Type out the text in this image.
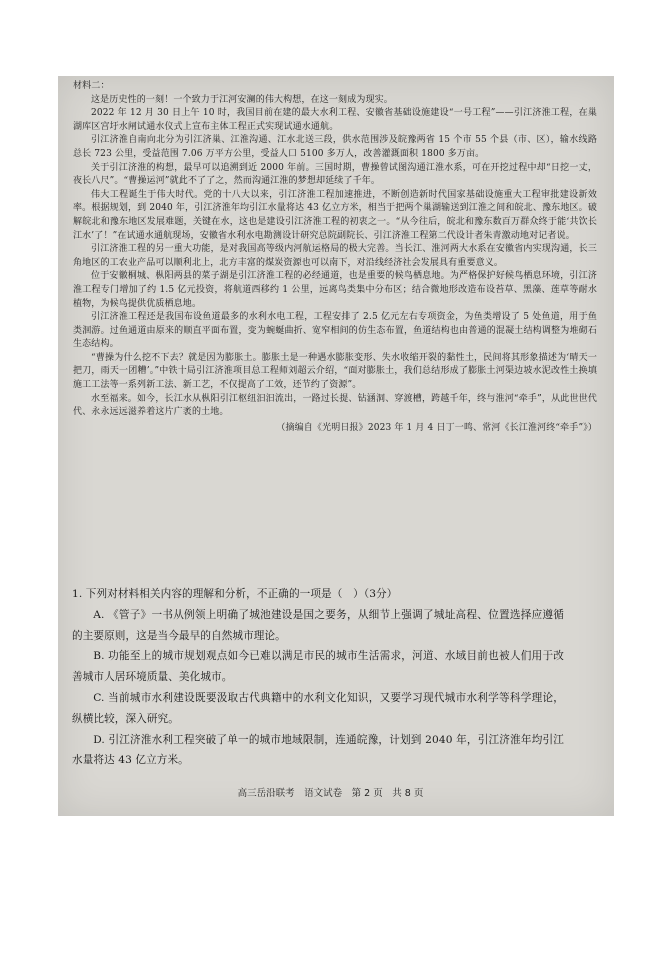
材料二：

这是历史性的一刻！一个致力于江河安澜的伟大构想，在这一刻成为现实。

2022 年 12 月 30 日上午 10 时，我国目前在建的最大水利工程、安徽省基础设施建设“一号工程”——引江济淮工程，在巢湖库区宫圩水闸试通水仪式上宣布主体工程正式实现试通水通航。

引江济淮自南向北分为引江济巢、江淮沟通、江水北送三段，供水范围涉及皖豫两省 15 个市 55 个县（市、区），输水线路总长 723 公里，受益范围 7.06 万平方公里，受益人口 5100 多万人，改善灌溉面积 1800 多万亩。

关于引江济淮的构想，最早可以追溯到近 2000 年前。三国时期，曹操曾试图沟通江淮水系，可在开挖过程中却“日挖一丈，夜长八尺”。“曹操运河”就此不了了之，然而沟通江淮的梦想却延续了千年。

伟大工程诞生于伟大时代。党的十八大以来，引江济淮工程加速推进，不断创造新时代国家基础设施重大工程审批建设新效率。根据规划，到 2040 年，引江济淮年均引江水量将达 43 亿立方米，相当于把两个巢湖输送到江淮之间和皖北、豫东地区。破解皖北和豫东地区发展难题，关键在水，这也是建设引江济淮工程的初衷之一。“从今往后，皖北和豫东数百万群众终于能‘共饮长江水’了！”在试通水通航现场，安徽省水利水电勘测设计研究总院副院长、引江济淮工程第二代设计者朱青激动地对记者说。

引江济淮工程的另一重大功能，是对我国高等级内河航运格局的极大完善。当长江、淮河两大水系在安徽省内实现沟通，长三角地区的工农业产品可以顺利北上，北方丰富的煤炭资源也可以南下，对沿线经济社会发展具有重要意义。

位于安徽桐城、枞阳两县的菜子湖是引江济淮工程的必经通道，也是重要的候鸟栖息地。为严格保护好候鸟栖息环境，引江济淮工程专门增加了约 1.5 亿元投资，将航道西移约 1 公里，远离鸟类集中分布区；结合微地形改造布设苔草、黑藻、莲草等耐水植物，为候鸟提供优质栖息地。

引江济淮工程还是我国布设鱼道最多的水利水电工程，工程安排了 2.5 亿元左右专项资金，为鱼类增设了 5 处鱼道，用于鱼类洄游。过鱼通道由原来的顺直平面布置，变为蜿蜒曲折、宽窄相间的仿生态布置，鱼道结构也由普通的混凝土结构调整为堆砌石生态结构。

“曹操为什么挖不下去？就是因为膨胀土。膨胀土是一种遇水膨胀变形、失水收缩开裂的黏性土，民间将其形象描述为‘晴天一把刀，雨天一团糟’。”中铁十局引江济淮项目总工程师刘超云介绍，“面对膨胀土，我们总结形成了膨胀土河渠边坡水泥改性土换填施工工法等一系列新工法、新工艺，不仅提高了工效，还节约了资源”。

水至福来。如今，长江水从枞阳引江枢纽汩汩流出，一路过长提、钻涵洞、穿渡槽，跨越千年，终与淮河“牵手”，从此世世代代、永永远远滋养着这片广袤的土地。

（摘编自《光明日报》2023 年 1 月 4 日丁一鸣、常河《长江淮河终“牵手”》）

1. 下列对材料相关内容的理解和分析，不正确的一项是（　）（3分）

A. 《管子》一书从例领上明确了城池建设是国之要务，从细节上强调了城址高程、位置选择应遵循的主要原则，这是当今最早的自然城市理论。

B. 功能至上的城市规划观点如今已难以满足市民的城市生活需求，河道、水域目前也被人们用于改善城市人居环境质量、美化城市。

C. 当前城市水利建设既要汲取古代典籍中的水利文化知识，又要学习现代城市水利学等科学理论，纵横比较，深入研究。

D. 引江济淮水利工程突破了单一的城市地域限制，连通皖豫，计划到 2040 年，引江济淮年均引江水量将达 43 亿立方米。

高三岳沿联考　语文试卷　第 2 页　共 8 页
